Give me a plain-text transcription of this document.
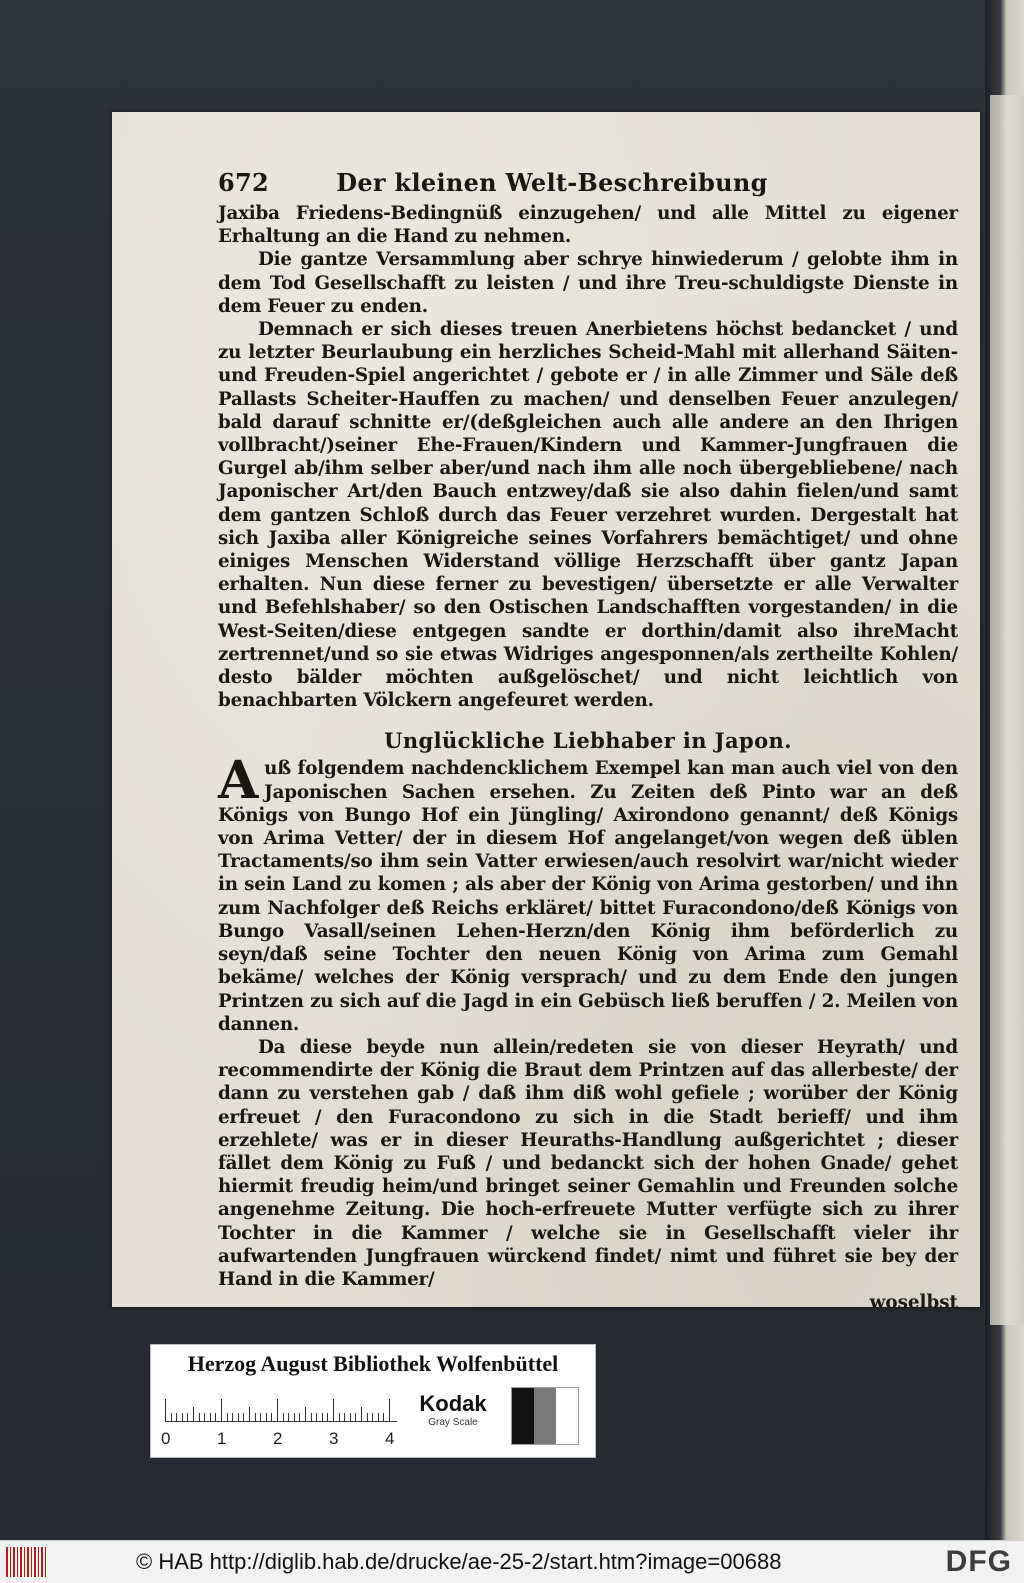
672	Der kleinen Welt-Beschreibung

Jaxiba Friedens-Bedingnüß einzugehen/ und alle Mittel zu eigener Erhaltung an die Hand zu nehmen.

Die gantze Versammlung aber schrye hinwiederum / gelobte ihm in dem Tod Gesellschafft zu leisten / und ihre Treu-schuldigste Dienste in dem Feuer zu enden.

Demnach er sich dieses treuen Anerbietens höchst bedancket / und zu letzter Beurlaubung ein herzliches Scheid-Mahl mit allerhand Säiten- und Freuden-Spiel angerichtet / gebote er / in alle Zimmer und Säle deß Pallasts Scheiter-Hauffen zu machen/ und denselben Feuer anzulegen/ bald darauf schnitte er/(deßgleichen auch alle andere an den Ihrigen vollbracht/)seiner Ehe-Frauen/Kindern und Kammer-Jungfrauen die Gurgel ab/ihm selber aber/und nach ihm alle noch übergebliebene/ nach Japonischer Art/den Bauch entzwey/daß sie also dahin fielen/und samt dem gantzen Schloß durch das Feuer verzehret wurden. Dergestalt hat sich Jaxiba aller Königreiche seines Vorfahrers bemächtiget/ und ohne einiges Menschen Widerstand völlige Herzschafft über gantz Japan erhalten. Nun diese ferner zu bevestigen/ übersetzte er alle Verwalter und Befehlshaber/ so den Ostischen Landschafften vorgestanden/ in die West-Seiten/diese entgegen sandte er dorthin/damit also ihreMacht zertrennet/und so sie etwas Widriges angesponnen/als zertheilte Kohlen/ desto bälder möchten außgelöschet/ und nicht leichtlich von benachbarten Völckern angefeuret werden.

Unglückliche Liebhaber in Japon.

Auß folgendem nachdencklichem Exempel kan man auch viel von den Japonischen Sachen ersehen. Zu Zeiten deß Pinto war an deß Königs von Bungo Hof ein Jüngling/ Axirondono genannt/ deß Königs von Arima Vetter/ der in diesem Hof angelanget/von wegen deß üblen Tractaments/so ihm sein Vatter erwiesen/auch resolvirt war/nicht wieder in sein Land zu komen ; als aber der König von Arima gestorben/ und ihn zum Nachfolger deß Reichs erkläret/ bittet Furacondono/deß Königs von Bungo Vasall/seinen Lehen-Herzn/den König ihm beförderlich zu seyn/daß seine Tochter den neuen König von Arima zum Gemahl bekäme/ welches der König versprach/ und zu dem Ende den jungen Printzen zu sich auf die Jagd in ein Gebüsch ließ beruffen / 2. Meilen von dannen.

Da diese beyde nun allein/redeten sie von dieser Heyrath/ und recommendirte der König die Braut dem Printzen auf das allerbeste/ der dann zu verstehen gab / daß ihm diß wohl gefiele ; worüber der König erfreuet / den Furacondono zu sich in die Stadt berieff/ und ihm erzehlete/ was er in dieser Heuraths-Handlung außgerichtet ; dieser fället dem König zu Fuß / und bedanckt sich der hohen Gnade/ gehet hiermit freudig heim/und bringet seiner Gemahlin und Freunden solche angenehme Zeitung. Die hoch-erfreuete Mutter verfügte sich zu ihrer Tochter in die Kammer / welche sie in Gesellschafft vieler ihr aufwartenden Jungfrauen würckend findet/ nimt und führet sie bey der Hand in die Kammer/

woselbst
Herzog August Bibliothek Wolfenbüttel
0	1	2	3	4
Kodak
Gray Scale
© HAB http://diglib.hab.de/drucke/ae-25-2/start.htm?image=00688	DFG
